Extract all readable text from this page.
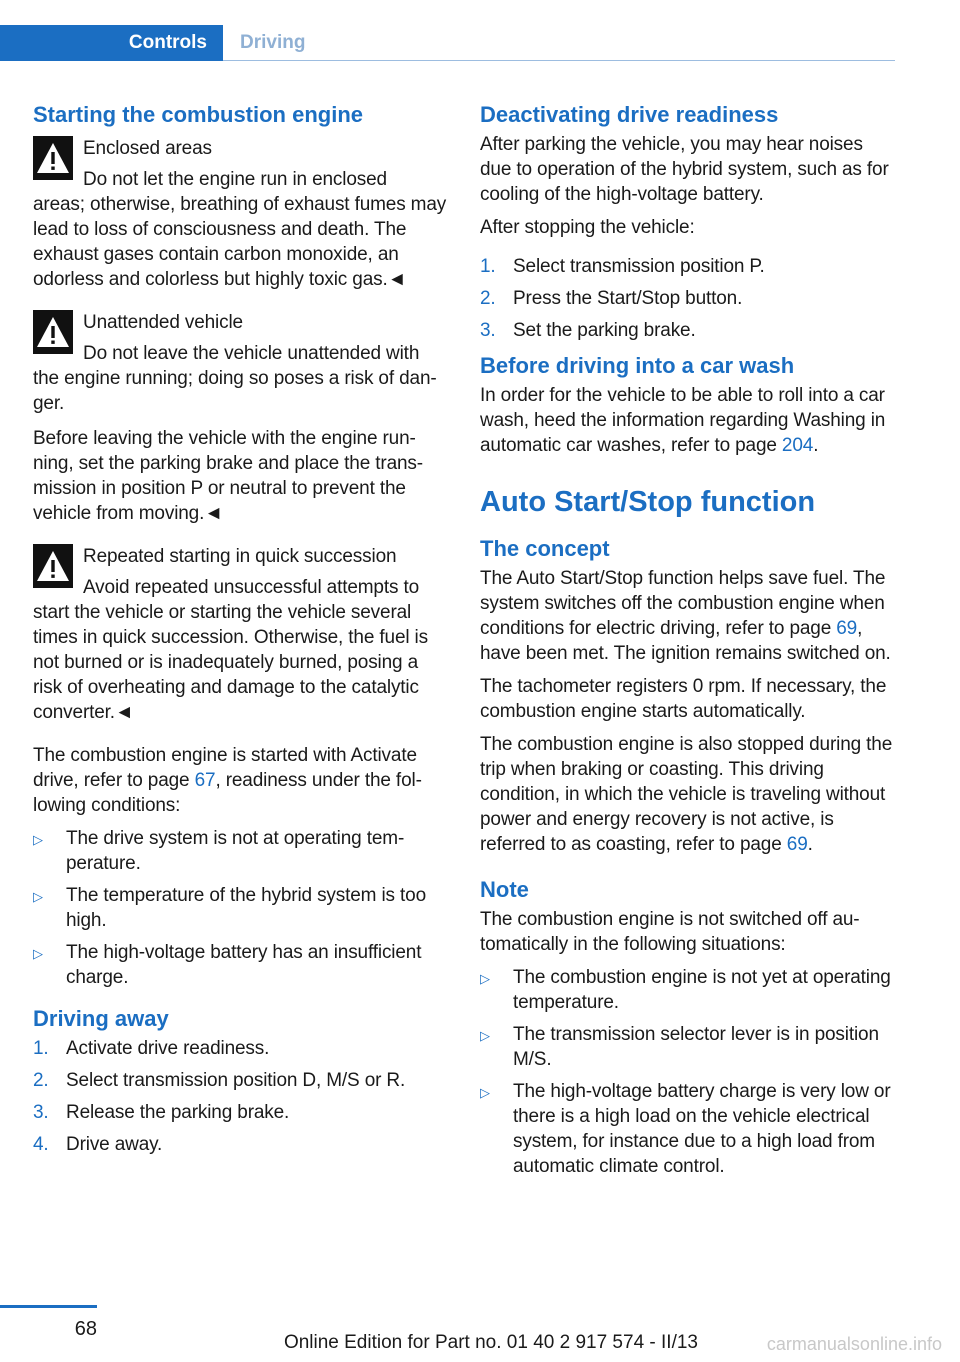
Controls	Driving
Starting the combustion engine
Enclosed areas
Do not let the engine run in enclosed
areas; otherwise, breathing of exhaust fumes may lead to loss of consciousness and death. The exhaust gases contain carbon monoxide, an odorless and colorless but highly toxic gas.◄
Unattended vehicle
Do not leave the vehicle unattended with
the engine running; doing so poses a risk of danger.

Before leaving the vehicle with the engine running, set the parking brake and place the transmission in position P or neutral to prevent the vehicle from moving.◄

Repeated starting in quick succession
Avoid repeated unsuccessful attempts to
start the vehicle or starting the vehicle several times in quick succession. Otherwise, the fuel is not burned or is inadequately burned, posing a risk of overheating and damage to the catalytic converter.◄

The combustion engine is started with Activate drive, refer to page 67, readiness under the following conditions:

▷	The drive system is not at operating temperature.
▷	The temperature of the hybrid system is too high.
▷	The high-voltage battery has an insufficient charge.
Driving away
1. Activate drive readiness.
2. Select transmission position D, M/S or R.
3. Release the parking brake.
4. Drive away.
Deactivating drive readiness

After parking the vehicle, you may hear noises due to operation of the hybrid system, such as for cooling of the high-voltage battery.

After stopping the vehicle:

1. Select transmission position P.
2. Press the Start/Stop button.
3. Set the parking brake.
Before driving into a car wash

In order for the vehicle to be able to roll into a car wash, heed the information regarding Washing in automatic car washes, refer to page 204.

Auto Start/Stop function
The concept

The Auto Start/Stop function helps save fuel. The system switches off the combustion engine when conditions for electric driving, refer to page 69, have been met. The ignition remains switched on.

The tachometer registers 0 rpm. If necessary, the combustion engine starts automatically.

The combustion engine is also stopped during the trip when braking or coasting. This driving condition, in which the vehicle is traveling without power and energy recovery is not active, is referred to as coasting, refer to page 69.

Note

The combustion engine is not switched off automatically in the following situations:

▷	The combustion engine is not yet at operating temperature.
▷	The transmission selector lever is in position M/S.
▷	The high-voltage battery charge is very low or there is a high load on the vehicle electrical system, for instance due to a high load from automatic climate control.
68
Online Edition for Part no. 01 40 2 917 574 - II/13	carmanualsonline.info
